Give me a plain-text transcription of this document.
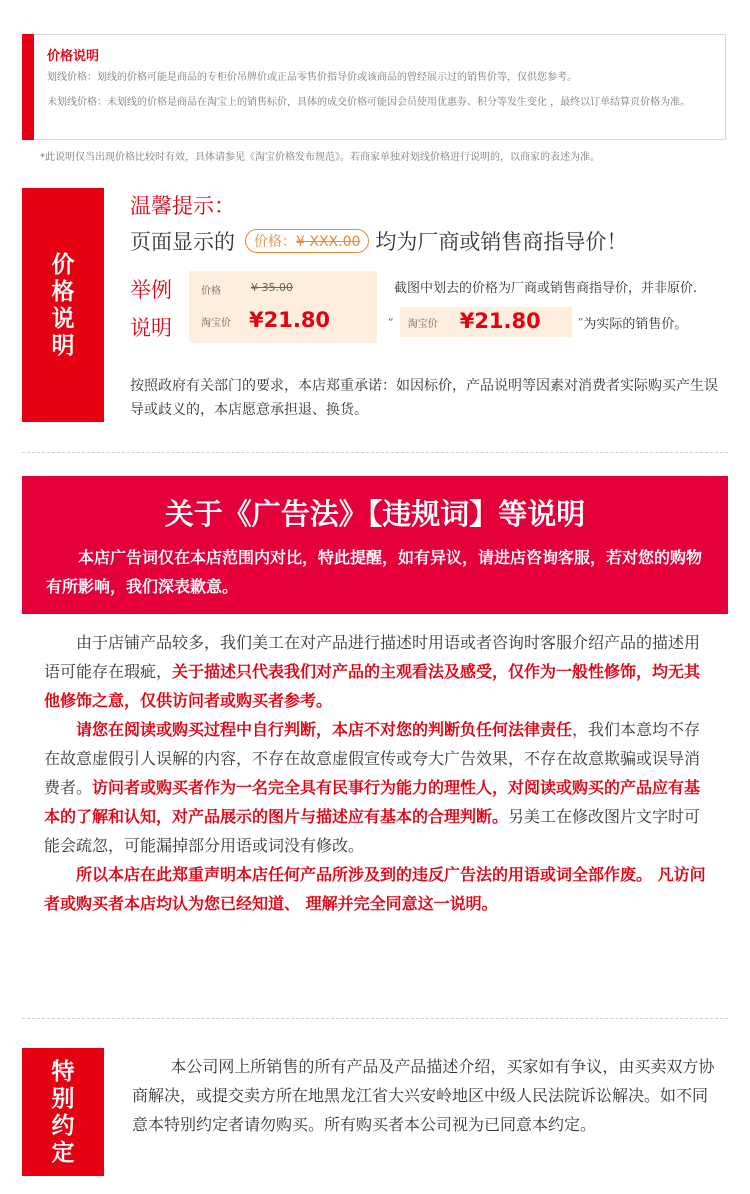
价格说明
划线价格：划线的价格可能是商品的专柜价吊牌价或正品零售价指导价或该商品的曾经展示过的销售价等，仅供您参考。
未划线价格：未划线的价格是商品在淘宝上的销售标价，具体的成交价格可能因会员使用优惠券、积分等发生变化 ，最终以订单结算页价格为准。
*此说明仅当出现价格比较时有效，具体请参见《淘宝价格发布规范》。若商家单独对划线价格进行说明的，以商家的表述为准。
价格说明
温馨提示：
页面显示的	价格：¥ XXX.00 均为厂商或销售商指导价！
举例
说明
价格	¥ 35.00
淘宝价 ¥21.80
截图中划去的价格为厂商或销售商指导价，并非原价.
“ 淘宝价 ¥21.80	” 为实际的销售价。
按照政府有关部门的要求，本店郑重承诺：如因标价，产品说明等因素对消费者实际购买产生误导或歧义的，本店愿意承担退、换货。
关于《广告法》【违规词】等说明
本店广告词仅在本店范围内对比，特此提醒，如有异议，请进店咨询客服，若对您的购物有所影响，我们深表歉意。

由于店铺产品较多，我们美工在对产品进行描述时用语或者咨询时客服介绍产品的描述用语可能存在瑕疵，关于描述只代表我们对产品的主观看法及感受，仅作为一般性修饰，均无其他修饰之意，仅供访问者或购买者参考。

请您在阅读或购买过程中自行判断，本店不对您的判断负任何法律责任，我们本意均不存在故意虚假引人误解的内容，不存在故意虚假宣传或夸大广告效果，不存在故意欺骗或误导消费者。访问者或购买者作为一名完全具有民事行为能力的理性人，对阅读或购买的产品应有基本的了解和认知，对产品展示的图片与描述应有基本的合理判断。另美工在修改图片文字时可能会疏忽，可能漏掉部分用语或词没有修改。

所以本店在此郑重声明本店任何产品所涉及到的违反广告法的用语或词全部作废。 凡访问者或购买者本店均认为您已经知道、 理解并完全同意这一说明。

特别约定
本公司网上所销售的所有产品及产品描述介绍，买家如有争议，由买卖双方协商解决，或提交卖方所在地黑龙江省大兴安岭地区中级人民法院诉讼解决。如不同意本特别约定者请勿购买。所有购买者本公司视为已同意本约定。
